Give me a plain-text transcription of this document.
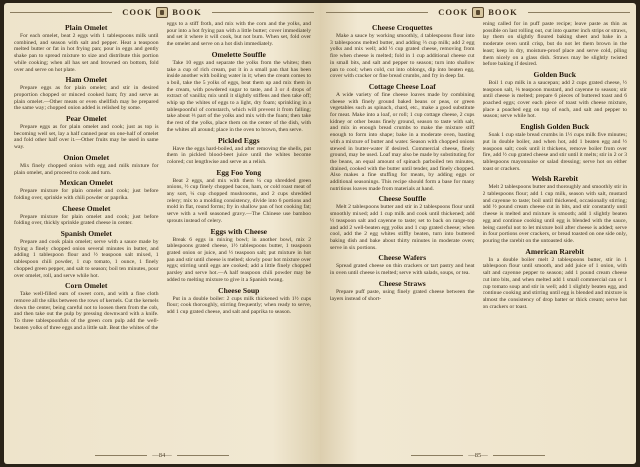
COOK BOOK
Plain Omelet

For each omelet, beat 2 eggs with 1 tablespoons milk until combined, and season with salt and pepper. Heat a teaspoon melted butter or fat in hot frying pan; pour in eggs and gently shake pan to spread mixture to size and distribute this portion while cooking; when all has set and browned on bottom, fold over and serve on hot plate.

Ham Omelet

Prepare eggs as for plain omelet; and stir in desired proportion chopped or minced cooked ham; fry and serve as plain omelet.—Other meats or even shellfish may be prepared the same way; chopped onion added is relished by some.

Pear Omelet

Prepare eggs as for plain omelet and cook; just as top is becoming well set, lay a half canned pear on one-half of omelet and fold other half over it.—Other fruits may be used in same way.

Onion Omelet

Mix finely chopped onion with egg and milk mixture for plain omelet, and proceed to cook and turn.

Mexican Omelet

Prepare mixture for plain omelet and cook; just before folding over, sprinkle with chili powder or paprika.

Cheese Omelet

Prepare mixture for plain omelet and cook; just before folding over, thickly sprinkle grated cheese in center.

Spanish Omelet

Prepare and cook plain omelet; serve with a sauce made by frying a finely chopped onion several minutes in butter, and adding 1 tablespoon flour and ½ teaspoon salt mixed, 1 tablespoon chili powder, 1 cup tomato, 1 ounce, 1 finely chopped green pepper, and salt to season; boil ten minutes, pour over omelet, roll, and serve while hot.

Corn Omelet

Take well-filled ears of sweet corn, and with a fine cloth remove all the silks between the rows of kernels. Cut the kernels down the center, being careful not to loosen them from the cob, and then take out the pulp by pressing downward with a knife. To three tablespoonfuls of the green corn pulp add the well-beaten yolks of three eggs and a little salt. Beat the whites of the

eggs to a stiff froth, and mix with the corn and the yolks, and pour into a hot frying pan with a little butter; cover immediately and set it where it will cook, but not burn. When set, fold over the omelet and serve on a hot dish immediately.

Omelette Souffle

Take 10 eggs and separate the yolks from the whites; then take a cup of rich cream, put it in a small pan that has been inside another with boiling water in it; when the cream comes to a boil, take the 5 yolks of eggs, beat them up and mix them in the cream, with powdered sugar to taste, and 3 or 4 drops of extract of vanilla; mix until it slightly stiffens and then take off; whip up the whites of eggs to a light, dry foam; sprinkling in a tablespoonful of cornstarch, which will prevent it from falling; take about ⅓ part of the yolks and mix with the foam; then take the rest of the yolks, place them on the center of the dish, with the whites all around; place in the oven to brown, then serve.

Pickled Eggs

Have the eggs hard-boiled, and after removing the shells, put them in pickled blood-beet juice until the whites become colored; cut lengthwise and serve as a relish.

Egg Foo Yong

Beat 2 eggs, and mix with them ¼ cup shredded green onions, ½ cup finely chopped bacon, ham, or cold roast meat of any sort, ¼ cup chopped mushrooms, and 2 cups shredded celery; mix to a molding consistency, divide into 6 portions and mold in flat, round forms; fry in shallow pan of hot cooking fat; serve with a well seasoned gravy.—The Chinese use bamboo sprouts instead of celery.

Eggs with Cheese

Break 6 eggs in mixing bowl; in another bowl, mix 2 tablespoons grated cheese, 1½ tablespoons butter, 1 teaspoon grated onion or juice, and ½ teaspoon salt; put mixture in hot pan and stir until cheese is melted; slowly pour hot mixture over eggs; stirring until eggs are cooked; add a little finely chopped parsley and serve hot.—A half teaspoon chili powder may be added to melting mixture to give it a Spanish twang.

Cheese Soup

Put in a double boiler: 2 cups milk thickened with 1½ cups flour; cook thoroughly, stirring frequently; when ready to serve, add 1 cup grated cheese, and salt and paprika to season.

—84—
COOK BOOK
Cheese Croquettes

Make a sauce by working smoothly, 4 tablespoons flour into 3 tablespoons melted butter, and adding ⅔ cup milk; add 2 egg yolks and mix well; add ½ cup grated cheese, removing from fire when cheese is melted; fold in 1 cup additional cheese cut in small bits, and salt and pepper to season; turn into shallow pan to cool; when cold, cut into oblongs, dip into beaten egg, cover with cracker or fine bread crumbs, and fry in deep fat.

Cottage Cheese Loaf

A wide variety of fine cheese loaves made by combining cheese with finely ground baked beans or peas, or green vegetables such as spinach, chard, etc., make a good substitute for meat. Make into a loaf, or roll; 1 cup cottage cheese, 2 cups kidney or other beans finely ground, season to taste with salt, and mix in enough bread crumbs to make the mixture stiff enough to form into shape; bake in a moderate oven, basting with a mixture of butter and water. Season with chopped onions stewed in butter-water if desired. Commercial cheese, finely ground, may be used. Loaf may also be made by substituting for the beans, an equal amount of spinach parboiled ten minutes, drained, cooked with the butter until tender, and finely chopped. Also makes a fine stuffing for meats, by adding eggs or additional seasonings. This recipe should form a base for many nutritious loaves made from materials at hand.

Cheese Souffle

Melt 2 tablespoons butter and stir in 2 tablespoons flour until smoothly mixed; add 1 cup milk and cook until thickened; add ½ teaspoon salt and cayenne to taste; set to back on range-top and add 2 well-beaten egg yolks and 1 cup grated cheese; when cool, add the 2 egg whites stiffly beaten, turn into buttered baking dish and bake about thirty minutes in moderate oven; serve in six portions.

Cheese Wafers

Spread grated cheese on thin crackers or tart pastry and heat in oven until cheese is melted; serve with salads, soups, or tea.

Cheese Straws

Prepare puff paste, using finely grated cheese between the layers instead of short-

ening called for in puff paste recipe; leave paste as thin as possible on last rolling out, cut into quarter inch strips or straws, lay them on slightly floured baking sheet and bake in a moderate oven until crisp, but do not let them brown in the least; keep in dry, moisture-proof place and serve cold, piling them nicely on a glass dish. Straws may be slightly twisted before baking if desired.

Golden Buck

Boil 1 cup milk in a saucepan; add 2 cups grated cheese, ½ teaspoon salt, ⅛ teaspoon mustard, and cayenne to season; stir until cheese is melted; prepare 6 pieces of buttered toast and 6 poached eggs; cover each piece of toast with cheese mixture, place a poached egg on top of each, and salt and pepper to season; serve while hot.

English Golden Buck

Soak 1 cup stale bread crumbs in 1½ cups milk five minutes; put in double boiler, and when hot, add 1 beaten egg and ½ teaspoon salt; cook until it thickens, remove boiler from over fire, add ½ cup grated cheese and stir until it melts; stir in 2 or 3 tablespoons mayonnaise or salad dressing; serve hot on either toast or crackers.

Welsh Rarebit

Melt 2 tablespoons butter and thoroughly and smoothly stir in 2 tablespoons flour; add 1 cup milk, season with salt, mustard and cayenne to taste; boil until thickened, occasionally stirring; add ½ pound cream cheese cut in bits, and stir constantly until cheese is melted and mixture is smooth; add 1 slightly beaten egg and continue cooking until egg is blended with the sauce, being careful not to let mixture boil after cheese is added; serve in four portions over crackers, or bread toasted on one side only, pouring the rarebit on the untoasted side.

American Rarebit

In a double boiler melt 2 tablespoons butter, stir in 1 tablespoon flour until smooth, and add juice of 1 onion, with salt and cayenne pepper to season; add 1 pound cream cheese cut into bits, and when melted add 1 small commercial can or 1 cup tomato soup and stir in well; add 1 slightly beaten egg, and continue cooking and stirring until egg is blended and mixture is almost the consistency of drop batter or thick cream; serve hot on crackers or toast.

—85—
